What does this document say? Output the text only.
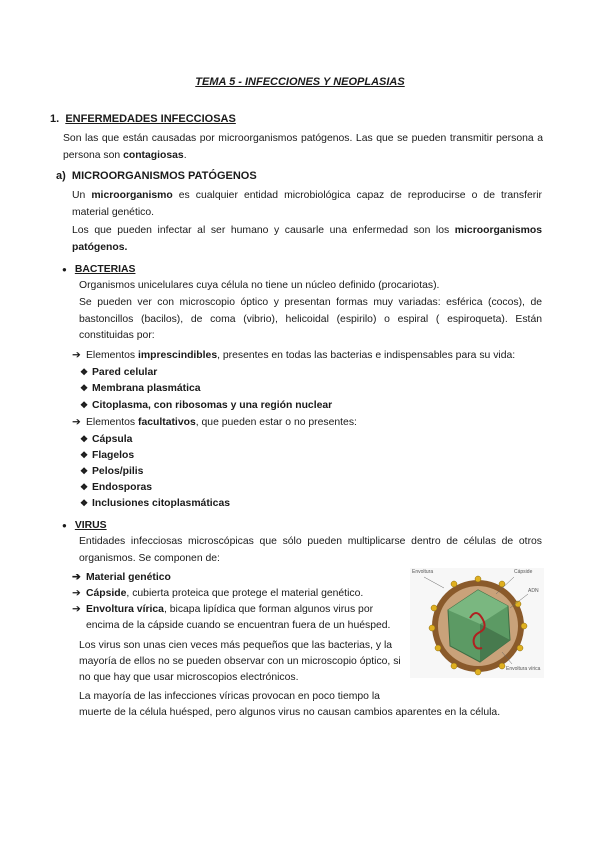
TEMA 5 - INFECCIONES Y NEOPLASIAS
1. ENFERMEDADES INFECCIOSAS
Son las que están causadas por microorganismos patógenos. Las que se pueden transmitir persona a persona son contagiosas.
a) MICROORGANISMOS PATÓGENOS
Un microorganismo es cualquier entidad microbiológica capaz de reproducirse o de transferir material genético.
Los que pueden infectar al ser humano y causarle una enfermedad son los microorganismos patógenos.
● BACTERIAS
Organismos unicelulares cuya célula no tiene un núcleo definido (procariotas).
Se pueden ver con microscopio óptico y presentan formas muy variadas: esférica (cocos), de bastoncillos (bacilos), de coma (vibrio), helicoidal (espirilo) o espiral ( espiroqueta). Están constituidas por:
➔ Elementos imprescindibles, presentes en todas las bacterias e indispensables para su vida:
❖ Pared celular
❖ Membrana plasmática
❖ Citoplasma, con ribosomas y una región nuclear
➔ Elementos facultativos, que pueden estar o no presentes:
❖ Cápsula
❖ Flagelos
❖ Pelos/pilis
❖ Endosporas
❖ Inclusiones citoplasmáticas
● VIRUS
Entidades infecciosas microscópicas que sólo pueden multiplicarse dentro de células de otros organismos. Se componen de:
➔ Material genético
➔ Cápside, cubierta proteica que protege el material genético.
➔ Envoltura vírica, bicapa lipídica que forman algunos virus por
encima de la cápside cuando se encuentran fuera de un huésped.
Los virus son unas cien veces más pequeños que las bacterias, y la
mayoría de ellos no se pueden observar con un microscopio óptico, si
no que hay que usar microscopios electrónicos.
La mayoría de las infecciones víricas provocan en poco tiempo la
muerte de la célula huésped, pero algunos virus no causan cambios aparentes en la célula.
Envoltura	Cápside
ADN
Envoltura vírica
